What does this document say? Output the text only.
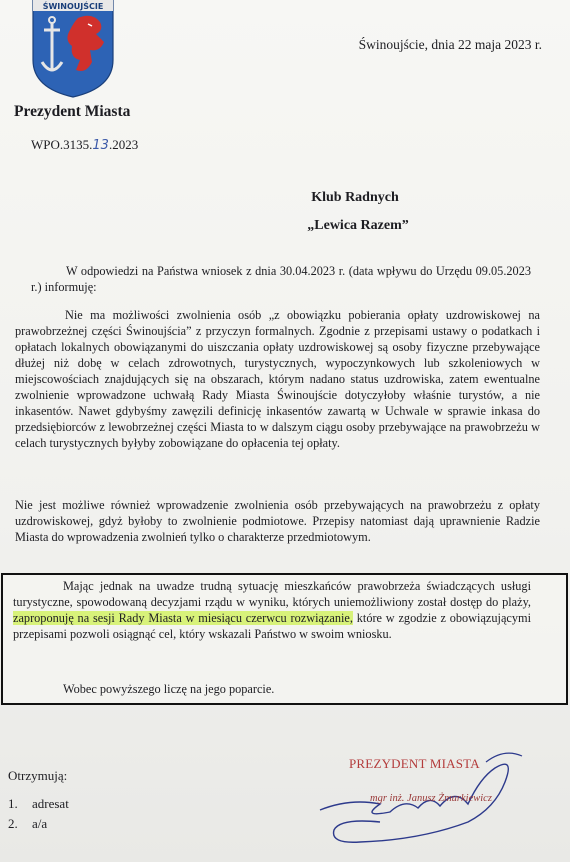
ŚWINOUJŚCIE
Prezydent Miasta
WPO.3135.13.2023
Świnoujście, dnia 22 maja 2023 r.
Klub Radnych
„Lewica Razem”

W odpowiedzi na Państwa wniosek z dnia 30.04.2023 r. (data wpływu do Urzędu 09.05.2023 r.) informuję:

Nie ma możliwości zwolnienia osób „z obowiązku pobierania opłaty uzdrowiskowej na prawobrzeżnej części Świnoujścia” z przyczyn formalnych. Zgodnie z przepisami ustawy o podatkach i opłatach lokalnych obowiązanymi do uiszczania opłaty uzdrowiskowej są osoby fizyczne przebywające dłużej niż dobę w celach zdrowotnych, turystycznych, wypoczynkowych lub szkoleniowych w miejscowościach znajdujących się na obszarach, którym nadano status uzdrowiska, zatem ewentualne zwolnienie wprowadzone uchwałą Rady Miasta Świnoujście dotyczyłoby właśnie turystów, a nie inkasentów. Nawet gdybyśmy zawęzili definicję inkasentów zawartą w Uchwale w sprawie inkasa do przedsiębiorców z lewobrzeżnej części Miasta to w dalszym ciągu osoby przebywające na prawobrzeżu w celach turystycznych byłyby zobowiązane do opłacenia tej opłaty.

Nie jest możliwe również wprowadzenie zwolnienia osób przebywających na prawobrzeżu z opłaty uzdrowiskowej, gdyż byłoby to zwolnienie podmiotowe. Przepisy natomiast dają uprawnienie Radzie Miasta do wprowadzenia zwolnień tylko o charakterze przedmiotowym.

Mając jednak na uwadze trudną sytuację mieszkańców prawobrzeża świadczących usługi turystyczne, spowodowaną decyzjami rządu w wyniku, których uniemożliwiony został dostęp do plaży, zaproponuję na sesji Rady Miasta w miesiącu czerwcu rozwiązanie, które w zgodzie z obowiązującymi przepisami pozwoli osiągnąć cel, który wskazali Państwo w swoim wniosku.

Wobec powyższego liczę na jego poparcie.

PREZYDENT MIASTA
mgr inż. Janusz Żmurkiewicz
Otrzymują:
1. adresat
2. a/a
